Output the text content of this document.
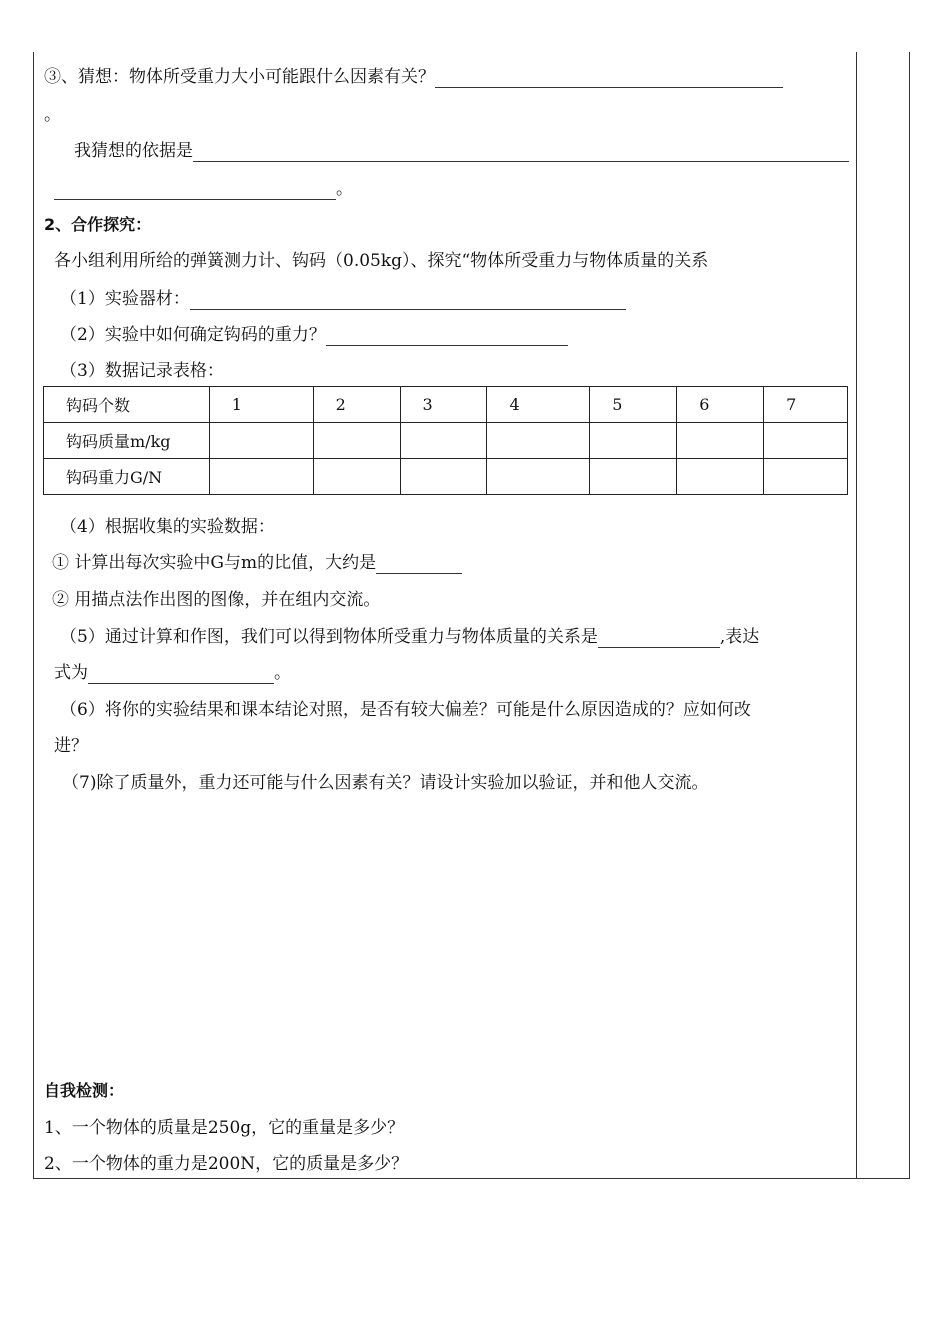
③、猜想：物体所受重力大小可能跟什么因素有关？
。
我猜想的依据是
。
2、合作探究：
各小组利用所给的弹簧测力计、钩码（0.05kg）、探究“物体所受重力与物体质量的关系
（1）实验器材：
（2）实验中如何确定钩码的重力？
（3）数据记录表格：
钩码个数	1	2	3	4	5	6	7
钩码质量m/kg							
钩码重力G/N							
（4）根据收集的实验数据：
① 计算出每次实验中G与m的比值，大约是
② 用描点法作出图的图像，并在组内交流。
（5）通过计算和作图，我们可以得到物体所受重力与物体质量的关系是	,表达
式为	。
（6）将你的实验结果和课本结论对照，是否有较大偏差？可能是什么原因造成的？应如何改
进？
（7)除了质量外，重力还可能与什么因素有关？请设计实验加以验证，并和他人交流。
自我检测：
1、一个物体的质量是250g，它的重量是多少？
2、一个物体的重力是200N，它的质量是多少？
